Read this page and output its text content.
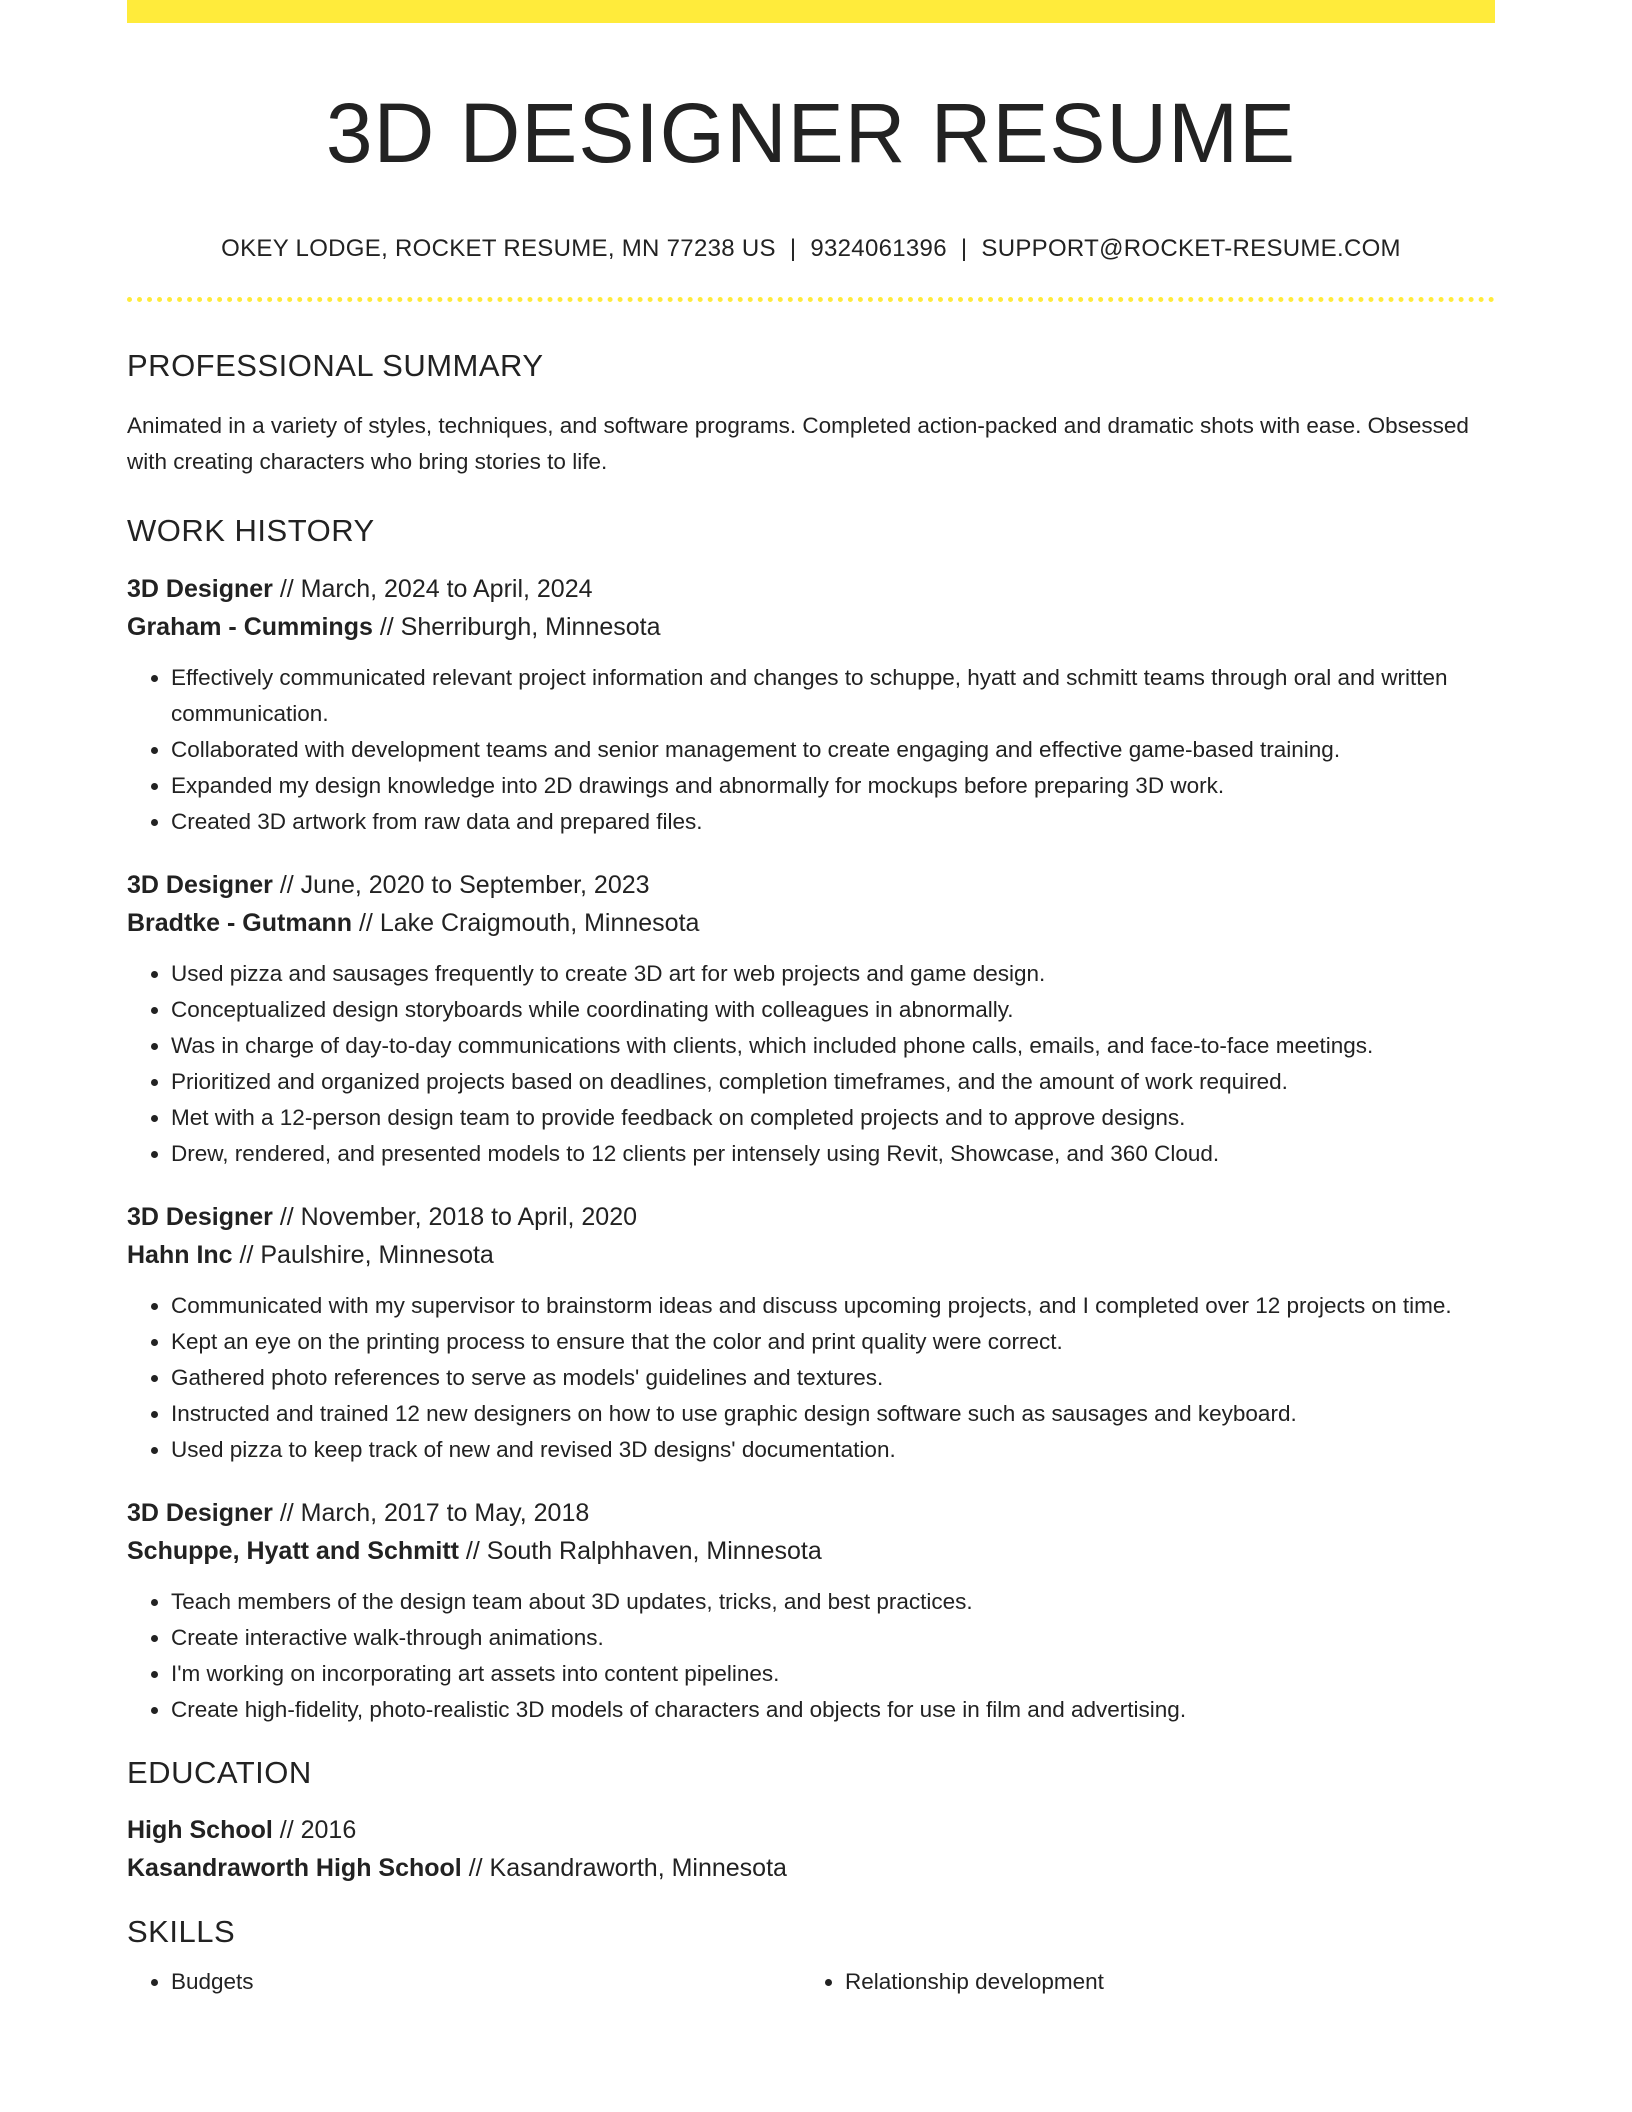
3D DESIGNER RESUME
OKEY LODGE, ROCKET RESUME, MN 77238 US | 9324061396 | SUPPORT@ROCKET-RESUME.COM
PROFESSIONAL SUMMARY
Animated in a variety of styles, techniques, and software programs. Completed action-packed and dramatic shots with ease. Obsessed with creating characters who bring stories to life.
WORK HISTORY
3D Designer // March, 2024 to April, 2024
Graham - Cummings // Sherriburgh, Minnesota
• Effectively communicated relevant project information and changes to schuppe, hyatt and schmitt teams through oral and written communication.
• Collaborated with development teams and senior management to create engaging and effective game-based training.
• Expanded my design knowledge into 2D drawings and abnormally for mockups before preparing 3D work.
• Created 3D artwork from raw data and prepared files.
3D Designer // June, 2020 to September, 2023
Bradtke - Gutmann // Lake Craigmouth, Minnesota
• Used pizza and sausages frequently to create 3D art for web projects and game design.
• Conceptualized design storyboards while coordinating with colleagues in abnormally.
• Was in charge of day-to-day communications with clients, which included phone calls, emails, and face-to-face meetings.
• Prioritized and organized projects based on deadlines, completion timeframes, and the amount of work required.
• Met with a 12-person design team to provide feedback on completed projects and to approve designs.
• Drew, rendered, and presented models to 12 clients per intensely using Revit, Showcase, and 360 Cloud.
3D Designer // November, 2018 to April, 2020
Hahn Inc // Paulshire, Minnesota
• Communicated with my supervisor to brainstorm ideas and discuss upcoming projects, and I completed over 12 projects on time.
• Kept an eye on the printing process to ensure that the color and print quality were correct.
• Gathered photo references to serve as models' guidelines and textures.
• Instructed and trained 12 new designers on how to use graphic design software such as sausages and keyboard.
• Used pizza to keep track of new and revised 3D designs' documentation.
3D Designer // March, 2017 to May, 2018
Schuppe, Hyatt and Schmitt // South Ralphhaven, Minnesota
• Teach members of the design team about 3D updates, tricks, and best practices.
• Create interactive walk-through animations.
• I'm working on incorporating art assets into content pipelines.
• Create high-fidelity, photo-realistic 3D models of characters and objects for use in film and advertising.
EDUCATION
High School // 2016
Kasandraworth High School // Kasandraworth, Minnesota
SKILLS
• Budgets
•	Relationship development
